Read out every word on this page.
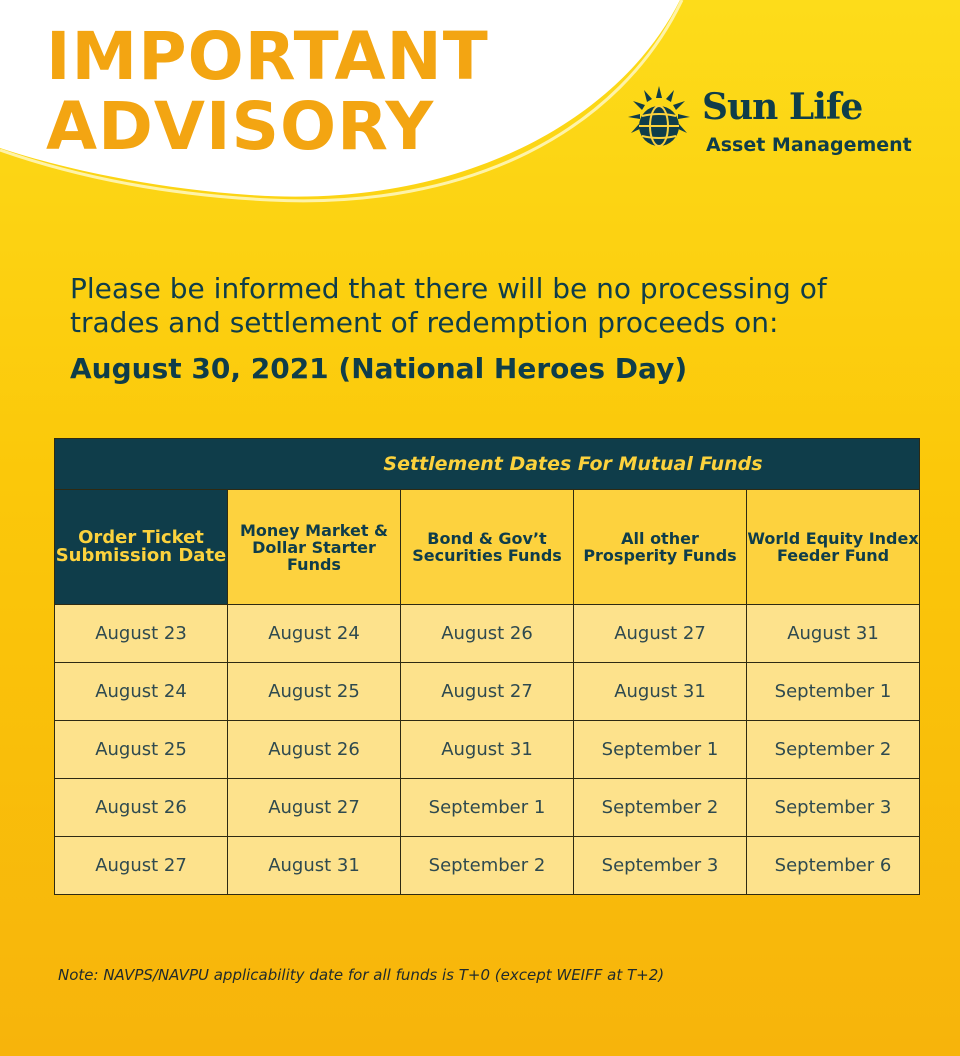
IMPORTANT
ADVISORY	Sun Life
Asset Management

Please be informed that there will be no processing of trades and settlement of redemption proceeds on:

August 30, 2021 (National Heroes Day)

Settlement Dates For Mutual Funds				
Order Ticket Submission Date	Money Market & Dollar Starter Funds	Bond & Gov’t Securities Funds	All other Prosperity Funds	World Equity Index Feeder Fund
August 23	August 24	August 26	August 27	August 31
August 24	August 25	August 27	August 31	September 1
August 25	August 26	August 31	September 1	September 2
August 26	August 27	September 1	September 2	September 3
August 27	August 31	September 2	September 3	September 6

Note: NAVPS/NAVPU applicability date for all funds is T+0 (except WEIFF at T+2)
